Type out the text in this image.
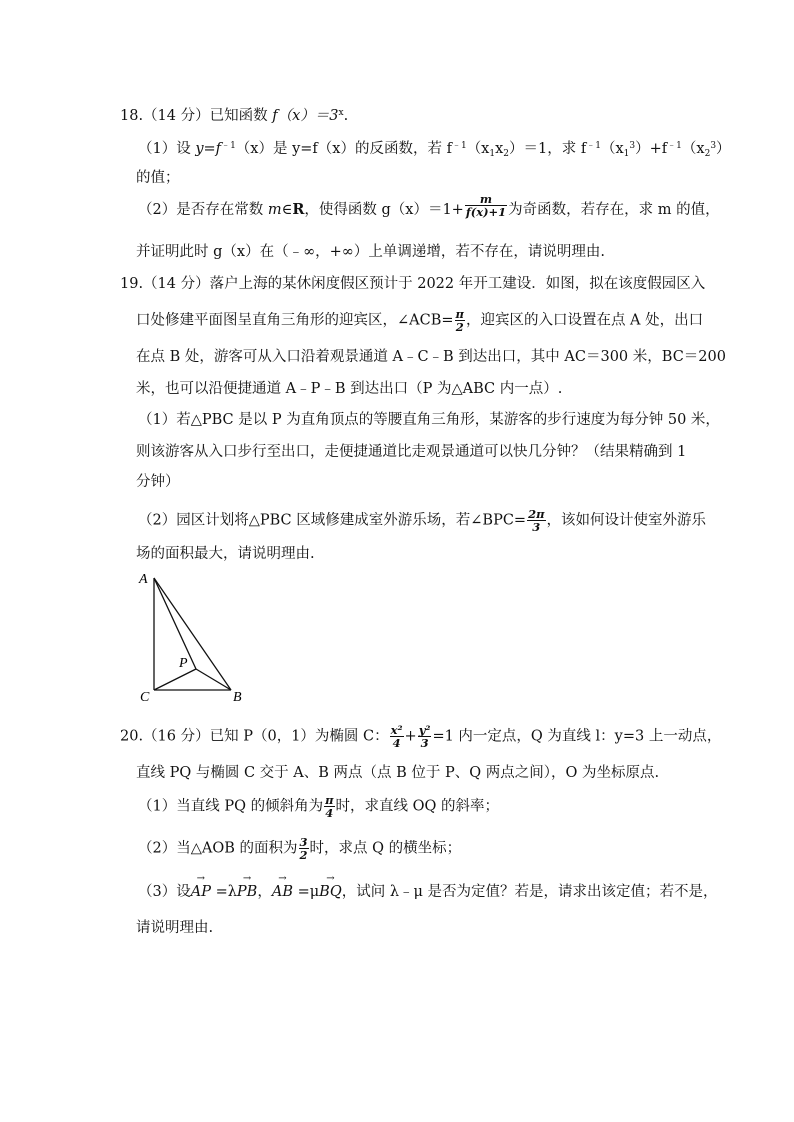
18.（14 分）已知函数 $f(x)=3^x$.
（1）设 $y=f^{﹣1}(x)$是 y=f（x）的反函数，若 $f^{﹣1}(x_1x_2)=1$，求 $f^{﹣1}(x_1^3)+f^{﹣1}(x_2^3)$
的值；
（2）是否存在常数 m∈R，使得函数 $g(x)=1+ \frac{m}{f(x)+1}$ 为奇函数，若存在，求 m 的值，
并证明此时 g（x）在（﹣∞，+∞）上单调递增，若不存在，请说明理由.
19.（14 分）落户上海的某休闲度假区预计于 2022 年开工建设．如图，拟在该度假园区入
口处修建平面图呈直角三角形的迎宾区，∠ACB= $\frac{\pi}{2}$ ，迎宾区的入口设置在点 A 处，出口
在点 B 处，游客可从入口沿着观景通道 A﹣C﹣B 到达出口，其中 AC＝300 米，BC＝200
米，也可以沿便捷通道 A﹣P﹣B 到达出口（P 为△ABC 内一点）.
（1）若△PBC 是以 P 为直角顶点的等腰直角三角形，某游客的步行速度为每分钟 50 米，
则该游客从入口步行至出口，走便捷通道比走观景通道可以快几分钟？（结果精确到 1
分钟）
（2）园区计划将△PBC 区域修建成室外游乐场，若∠BPC= $\frac{2\pi}{3}$ ，该如何设计使室外游乐
场的面积最大，请说明理由.
A
P
C	B
20.（16 分）已知 P（0，1）为椭圆 C： $\frac{\text{x²}}{4} + \frac{\text{y²}}{3} =1$ 内一定点，Q 为直线 l：y=3 上一动点，
直线 PQ 与椭圆 C 交于 A、B 两点（点 B 位于 P、Q 两点之间），O 为坐标原点.
（1）当直线 PQ 的倾斜角为 $\frac{\pi}{4}$ 时，求直线 OQ 的斜率；
（2）当△AOB 的面积为 $\frac{3}{2}$ 时，求点 Q 的横坐标；
（3）设→ AP =λ→ PB，→ AB =μ→ BQ，试问 λ﹣μ 是否为定值？若是，请求出该定值；若不是，
请说明理由.
